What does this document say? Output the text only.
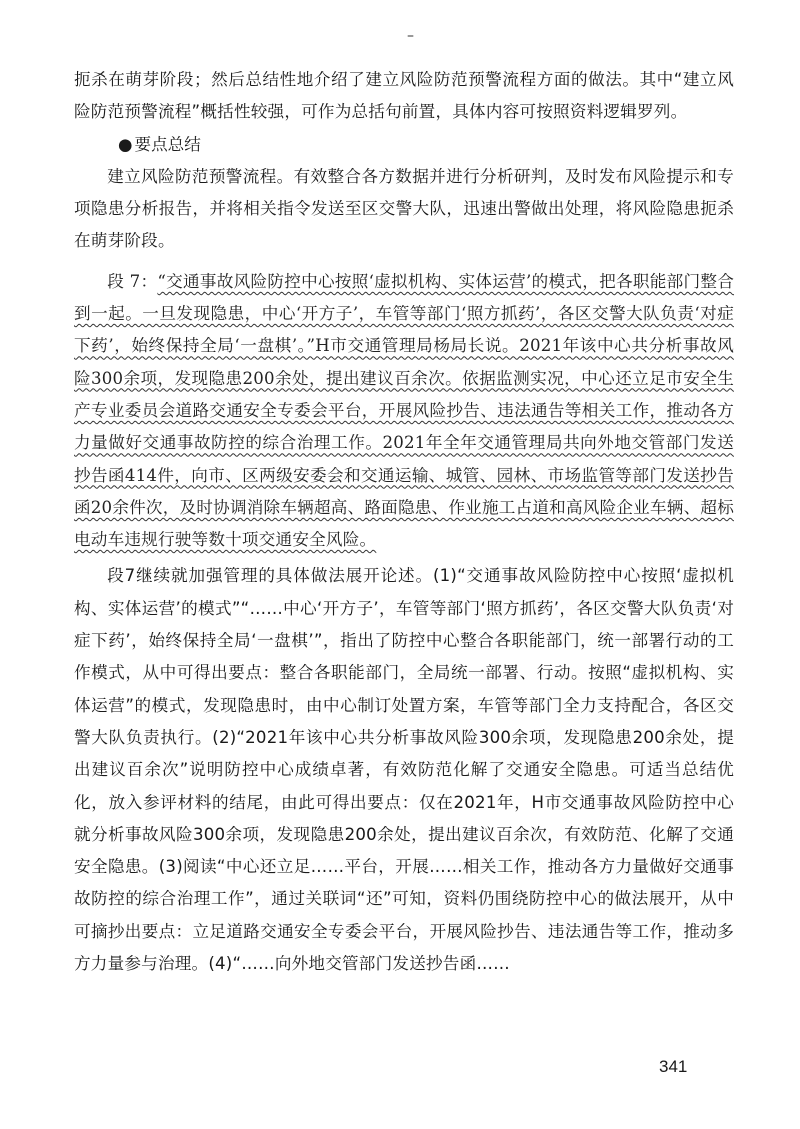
–

扼杀在萌芽阶段；然后总结性地介绍了建立风险防范预警流程方面的做法。其中“建立风险防范预警流程”概括性较强，可作为总括句前置，具体内容可按照资料逻辑罗列。

● 要点总结

建立风险防范预警流程。有效整合各方数据并进行分析研判，及时发布风险提示和专项隐患分析报告，并将相关指令发送至区交警大队，迅速出警做出处理，将风险隐患扼杀在萌芽阶段。

段 7：“交通事故风险防控中心按照‘虚拟机构、实体运营’的模式，把各职能部门整合到一起。一旦发现隐患，中心‘开方子’，车管等部门‘照方抓药’，各区交警大队负责‘对症下药’，始终保持全局‘一盘棋’。”H市交通管理局杨局长说。2021年该中心共分析事故风险300余项，发现隐患200余处，提出建议百余次。依据监测实况，中心还立足市安全生产专业委员会道路交通安全专委会平台，开展风险抄告、违法通告等相关工作，推动各方力量做好交通事故防控的综合治理工作。2021年全年交通管理局共向外地交管部门发送抄告函414件，向市、区两级安委会和交通运输、城管、园林、市场监管等部门发送抄告函20余件次，及时协调消除车辆超高、路面隐患、作业施工占道和高风险企业车辆、超标电动车违规行驶等数十项交通安全风险。

段7继续就加强管理的具体做法展开论述。(1)“交通事故风险防控中心按照‘虚拟机构、实体运营’的模式”“……中心‘开方子’，车管等部门‘照方抓药’，各区交警大队负责‘对症下药’，始终保持全局‘一盘棋’”，指出了防控中心整合各职能部门，统一部署行动的工作模式，从中可得出要点：整合各职能部门，全局统一部署、行动。按照“虚拟机构、实体运营”的模式，发现隐患时，由中心制订处置方案，车管等部门全力支持配合，各区交警大队负责执行。(2)“2021年该中心共分析事故风险300余项，发现隐患200余处，提出建议百余次”说明防控中心成绩卓著，有效防范化解了交通安全隐患。可适当总结优化，放入参评材料的结尾，由此可得出要点：仅在2021年，H市交通事故风险防控中心就分析事故风险300余项，发现隐患200余处，提出建议百余次，有效防范、化解了交通安全隐患。(3)阅读“中心还立足……平台，开展……相关工作，推动各方力量做好交通事故防控的综合治理工作”，通过关联词“还”可知，资料仍围绕防控中心的做法展开，从中可摘抄出要点：立足道路交通安全专委会平台，开展风险抄告、违法通告等工作，推动多方力量参与治理。(4)“……向外地交管部门发送抄告函……

341
